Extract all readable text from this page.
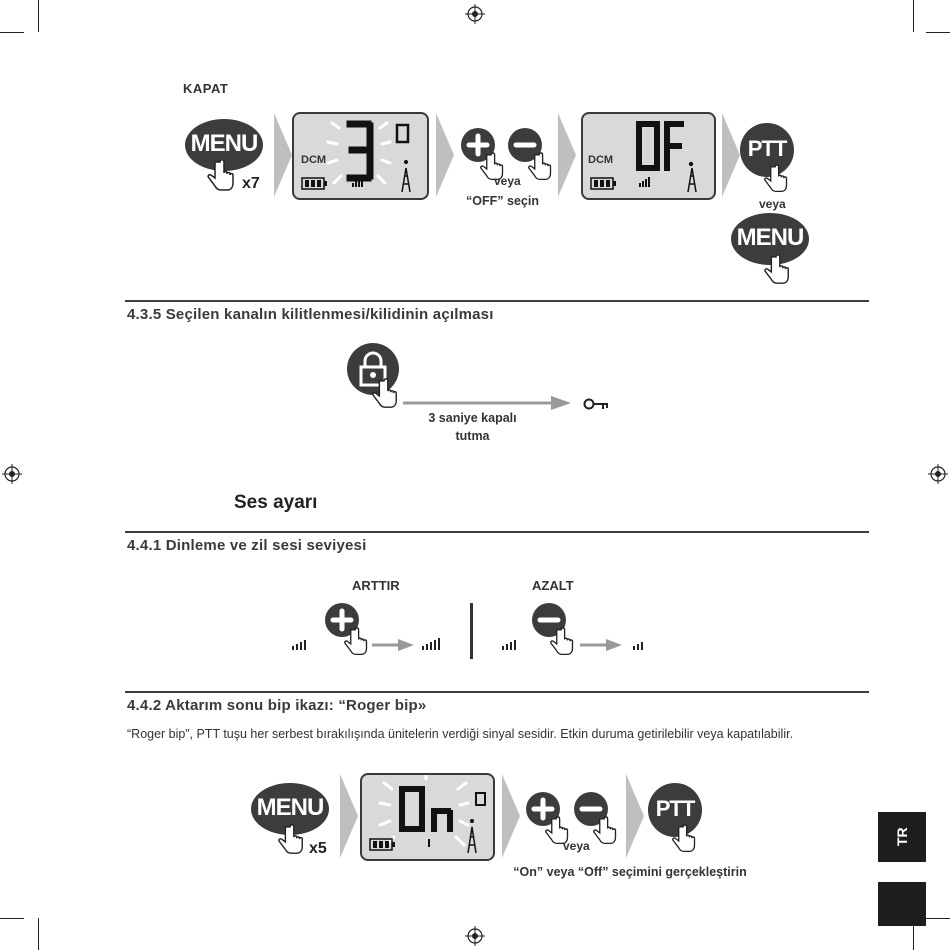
KAPAT
MENU
x7
DCM
veya
“OFF” seçin
DCM	PTT
veya
MENU
4.3.5 Seçilen kanalın kilitlenmesi/kilidinin açılması
3 saniye kapalı
tutma
Ses ayarı
4.4.1 Dinleme ve zil sesi seviyesi
ARTTIR	AZALT
4.4.2 Aktarım sonu bip ikazı: “Roger bip»
“Roger bip”, PTT tuşu her serbest bırakılışında ünitelerin verdiği sinyal sesidir. Etkin duruma getirilebilir veya kapatılabilir.
MENU
x5	veya
PTT
“On” veya “Off” seçimini gerçekleştirin
TR
